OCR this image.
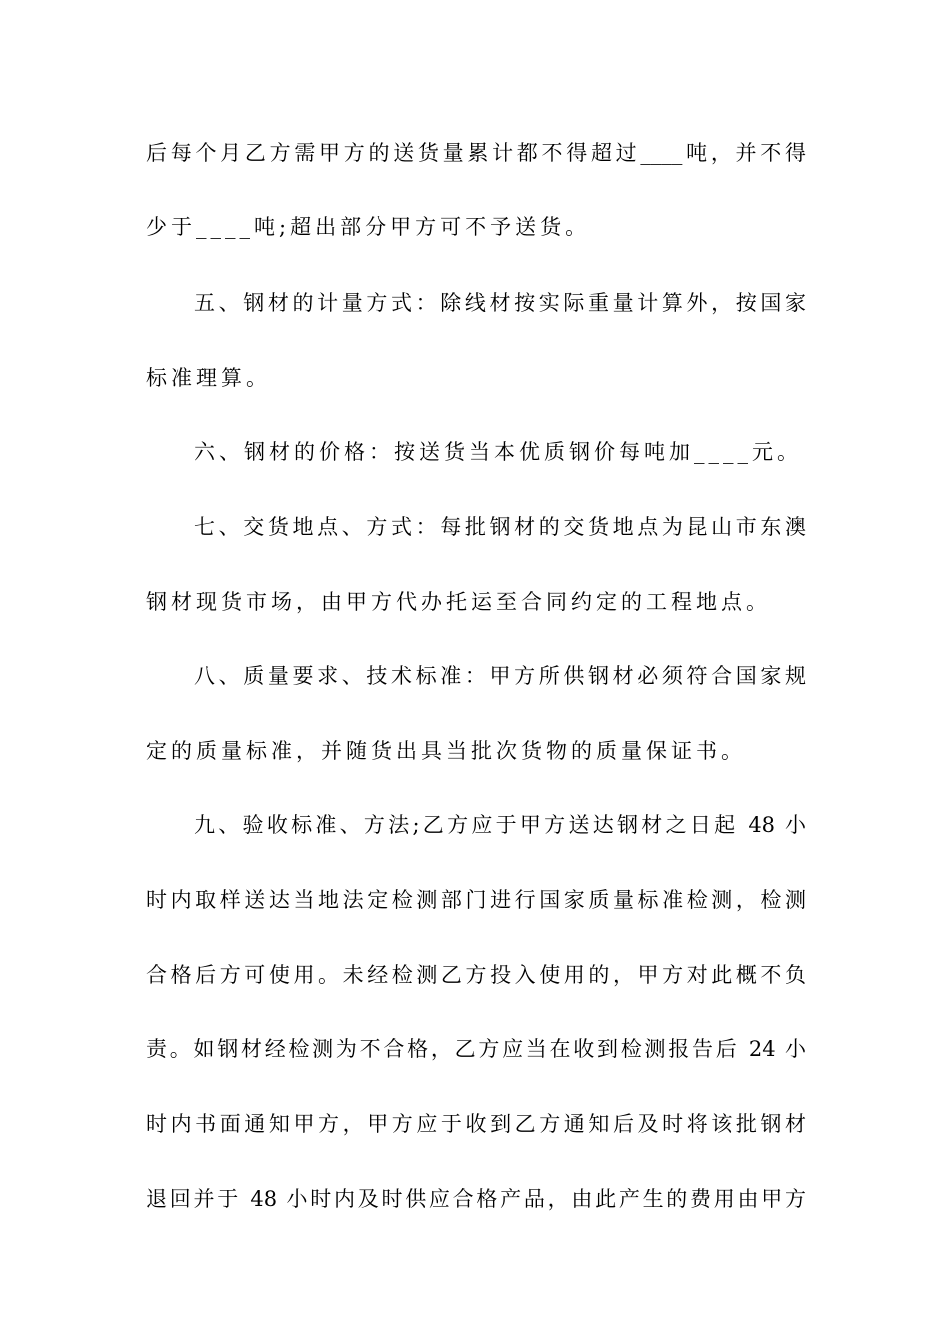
后每个月乙方需甲方的送货量累计都不得超过____吨，并不得
少于____吨;超出部分甲方可不予送货。
五、钢材的计量方式：除线材按实际重量计算外，按国家
标准理算。
六、钢材的价格：按送货当本优质钢价每吨加____元。
七、交货地点、方式：每批钢材的交货地点为昆山市东澳
钢材现货市场，由甲方代办托运至合同约定的工程地点。
八、质量要求、技术标准：甲方所供钢材必须符合国家规
定的质量标准，并随货出具当批次货物的质量保证书。
九、验收标准、方法;乙方应于甲方送达钢材之日起 48 小
时内取样送达当地法定检测部门进行国家质量标准检测，检测
合格后方可使用。未经检测乙方投入使用的，甲方对此概不负
责。如钢材经检测为不合格，乙方应当在收到检测报告后 24 小
时内书面通知甲方，甲方应于收到乙方通知后及时将该批钢材
退回并于 48 小时内及时供应合格产品，由此产生的费用由甲方
